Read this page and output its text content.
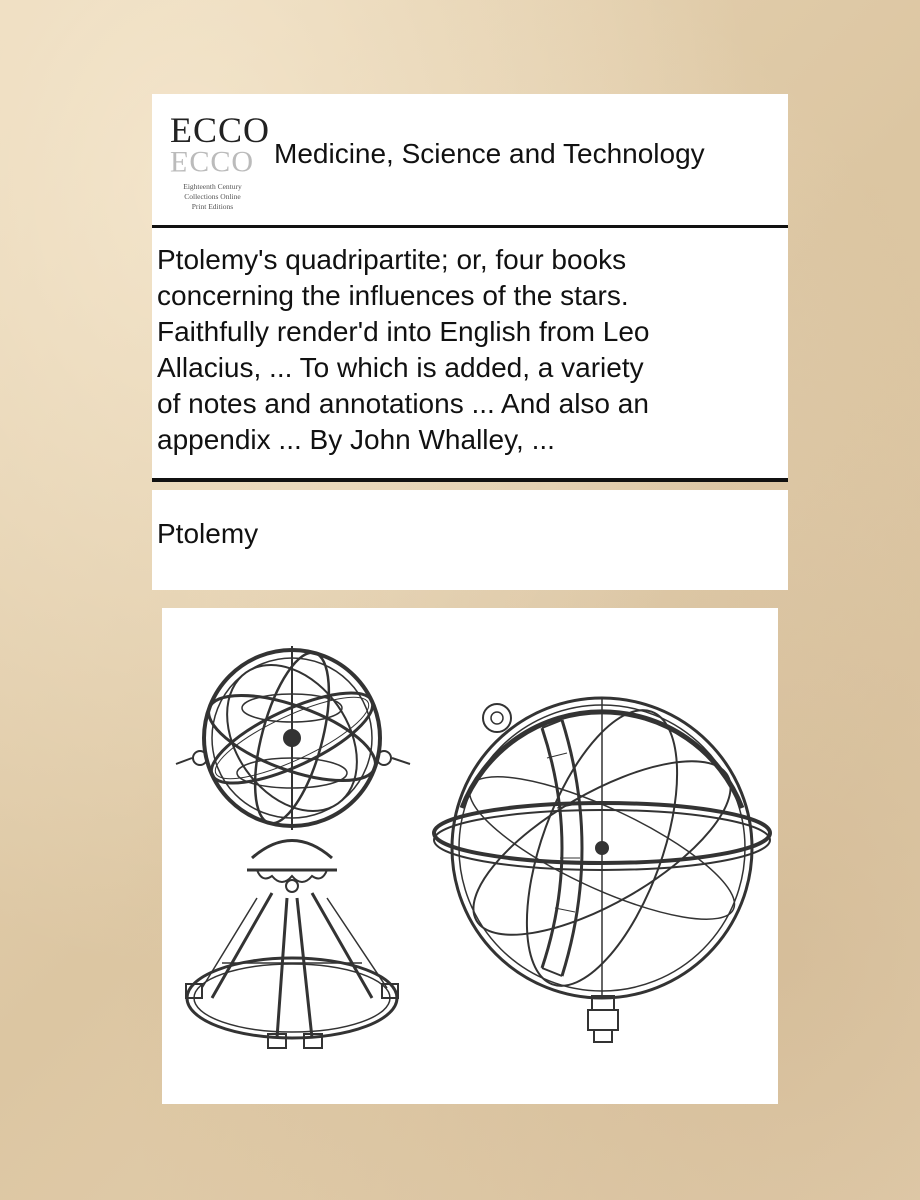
ECCO
ECCO
Eighteenth Century
Collections Online
Print Editions
Medicine, Science and Technology
Ptolemy's quadripartite; or, four books
concerning the influences of the stars.
Faithfully render'd into English from Leo
Allacius, ... To which is added, a variety
of notes and annotations ... And also an
appendix ... By John Whalley, ...
Ptolemy
